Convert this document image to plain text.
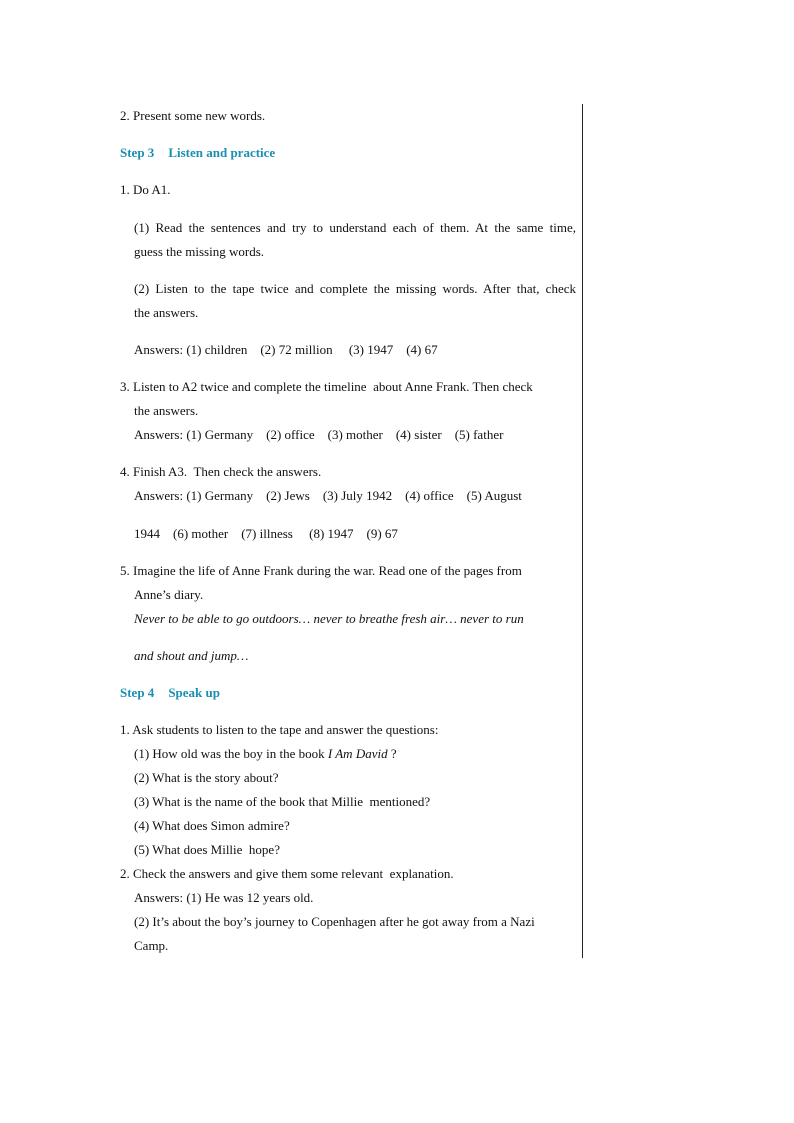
2. Present some new words.
Step 3 Listen and practice
1. Do A1.
(1) Read the sentences and try to understand each of them. At the same time,
guess the missing words.
(2) Listen to the tape twice and complete the missing words. After that, check
the answers.
Answers: (1) children    (2) 72 million     (3) 1947    (4) 67
3. Listen to A2 twice and complete the timeline  about Anne Frank. Then check
the answers.
Answers: (1) Germany    (2) office    (3) mother    (4) sister    (5) father
4. Finish A3.  Then check the answers.
Answers: (1) Germany    (2) Jews    (3) July 1942    (4) office    (5) August
1944    (6) mother    (7) illness     (8) 1947    (9) 67
5. Imagine the life of Anne Frank during the war. Read one of the pages from
Anne’s diary.
Never to be able to go outdoors… never to breathe fresh air… never to run
and shout and jump…
Step 4 Speak up
1. Ask students to listen to the tape and answer the questions:
(1) How old was the boy in the book I Am David ?
(2) What is the story about?
(3) What is the name of the book that Millie  mentioned?
(4) What does Simon admire?
(5) What does Millie  hope?
2. Check the answers and give them some relevant  explanation.
Answers: (1) He was 12 years old.
(2) It’s about the boy’s journey to Copenhagen after he got away from a Nazi
Camp.
